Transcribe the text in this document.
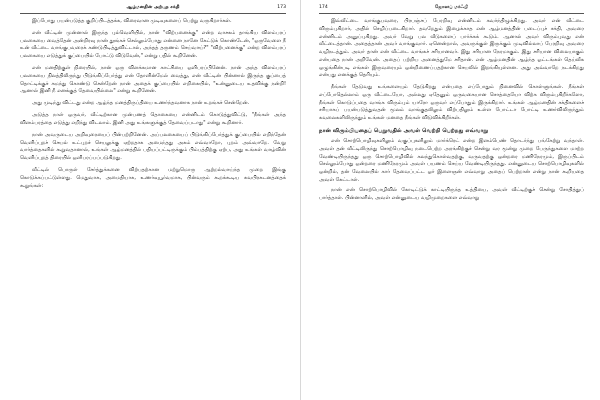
ஆழ்மனதின் அற்புத சக்தி	173

இப்போது பயன்படுத்த குறிப்பிடத்தக்க, விரைவான முடிவுகளைப் பெற்று வருகிறார்கள்.

என் வீட்டின் முன்னால் இருந்த புல்வெளியில், நான் "விற்பனைக்கு" என்ற வாசகம் தாங்கிய விளம்பரப் பலகையை வைத்தேன் அன்றிரவு நான் தூங்கச் செல்லும்போது என்னை நானே கேட்டுக் கொண்டேன், "ஒருவேளை நீ உன் வீட்டை வாங்குபவரைக் கண்டுபிடித்துவிட்டால், அந்தத் தருணம் செய்வாய்?" "விற்பனைக்கு" என்ற விளம்பரப் பலகையை எடுத்துக் குப்பையில் போட்டு விடுவேன்," என்று பதில் கூறினேன்.

என் மனதிற்குள் நிரையில், நான் ஒரு விளக்கமான காட்சியை ஒளிபரப்பினேன். நான் அந்த விளம்பரப் பலகையை நிலத்திலிருந்து பிடுங்கிப்பேர்த்து என் தோளின்மேல் வைத்து, என் வீட்டின் பின்னால் இருந்த குப்பைத் தொட்டிக்குச் சுமந்து கொண்டு சென்றேன் நான் அதைக் குப்பையில் எறிகையில், "உன்னுடைய உதவிக்கு நன்றி! ஆனால் இனி நீ எனக்குத் தேவையில்லை" என்று கூறினேன்.

அது முடிந்து விட்டது என்ற ஆழ்ந்த மனத்திருப்தியை உணர்ந்தவனாக நான் உறங்கச் சென்றேன்.

அடுத்த நாள் ஒருவர், வீட்டிற்கான முன்பணத் தொகையை என்னிடம் கொடுத்துவிட்டு, "நீங்கள் அந்த விளம்பரத்தை எடுத்து எறிந்து விடலாம். இனி அது உங்களுக்குத் தேவைப்படாது" என்று கூறினார்.

நான் அவருடைய அறிவுரையைப் பின்பற்றினேன். அப்பலகையைப் பிடுங்கிப்பேர்த்துக் குப்பையில் எறிந்தேன் வெளிப்புறச் செயல் உட்புறச் செயலுக்கு ஏற்றதாக அமைந்தது அகம் எவ்வாறோ, புறம் அவ்வாறே. வேறு வார்த்தைகளில் கூறுவதானால், உங்கள் ஆழ்மனத்தில் பதியப்பட்டிருக்கும் பிம்பத்திற்கு ஏற்ப, அது உங்கள் வாழ்வின் வெளிப்புறத் திரையில் ஒளிபரப்பப்படுகிறது.

வீட்டில் பொருள் சேர்த்துக்கனை விற்பதற்கான மற்றுமொரு ஆற்றல்வாய்ந்த முறை இங்கு கொடுக்கப்பட்டுள்ளது. மெதுவாக, அமைதியாக, உணர்வுபூர்வமாக, பின்வரும் கூறக்கூடிய சுவபிரகடனத்தைக் கூறுங்கள்:

174	ஜோஸப் மர்ஃபி

இவ்வீட்டை வாங்குபவரை, பிரபஞ்சப் பேரறிவு என்னிடம் கவர்ந்திழுக்கிறது. அவர் என் வீட்டை விரும்புகிறார், அதில் செழிப்படைகிறார். தவறேதும் இழைக்காத என் ஆழ்மனத்தின் படைப்புச் சக்தி, அவரை என்னிடம் அனுப்புகிறது. அவர் வேறு பல வீடுகளைப் பார்க்கக் கூடும். ஆனால் அவர் விரும்புவது என் வீட்டைத்தான். அதைத்தான் அவர் வாங்குவார். ஏனென்றால், அவருக்குள் இருக்கும் முடிவில்லாப் பேரறிவு அவரை வழிநடத்தும். அவர் தான் என் வீட்டை வாங்கச் சரியானவர். இது சரியான நேரமாகும். இது சரியான விலையாகும் என்பதை நான் அறிவேன். அதைப் பற்றிய அனைத்துமே சரிதான். என் ஆழ்மனதின் ஆழ்ந்த ஓட்டங்கள் தெய்வீக ஒழுங்கின்படி எங்கள் இருவரையும் ஒன்றிணைப்பதற்கான செயலில் இறங்கியுள்ளன. அது அவ்வாறே நடக்கிறது என்பது எனக்குத் தெரியும்.

நீங்கள் தேடுவது உங்களையும் தேடுகிறது என்பதை எப்போதும் நினைவில் கொள்ளுங்கள். நீங்கள் எப்போதெல்லாம் ஒரு வீட்டையோ, அல்லது ஏதேனும் ஒருவகையான சொத்தையோ விற்க விரும்புகிறீர்களோ, நீங்கள் கொடுப்பதை வாங்க விரும்பும் யாரோ ஒருவர் எப்போதும் இருக்கிறார். உங்கள் ஆழ்மனதின் சக்திகளைச் சரியாகப் பயன்படுத்துவதன் மூலம் வாங்குதலிலும் விற்பதிலும் உள்ள போட்டா போட்டி உணர்விலிருந்தும் கவலைகளிலிருந்தும் உங்கள் மனதை நீங்கள் விடுவிக்கிறீர்கள்.

நான் விரும்பியதைப் பெறுவதில் அவள் வெற்றி பெற்றது எவ்வாறு

என் சொற்பொழிவுகளிலும் வகுப்புகளிலும் மார்க்ரெட் என்ற இளம்பெண் தொடர்ந்து பங்கேற்று வந்தாள். அவள் தன் வீட்டிலிருந்து சொற்பொழிவு நடைபெற்ற அரங்கிற்குச் சென்று வர மூன்று முறை பேருந்துகளை மாற்ற வேண்டியிருந்தது ஒரு சொற்பொழிவில் கலந்துகொள்வதற்கு, வருவதற்கு ஒன்றரை மணிநேரமும், இருப்பிடம் செல்லும்போது ஒன்றரை மணிநேரமும் அவள் பயணம் செய்ய வேண்டியிருந்தது. என்னுடைய சொற்பொழிவுகளில் ஒன்றில், தன் வேலையில் கார் தேவைப்பட்ட ஓர் இளைஞன் எவ்வாறு அதைப் பெற்றான் என்று நான் கூறியதை அவள் கேட்டாள்.

நான் என் சொற்பொழிவில் கோடிட்டுக் காட்டியிருந்த உத்தியை, அவள் வீட்டிற்குச் சென்று சோதித்துப் பார்த்தாள். பின்னாளில், அவள் என்னுடைய வழிமுறைகளை எவ்வாறு
